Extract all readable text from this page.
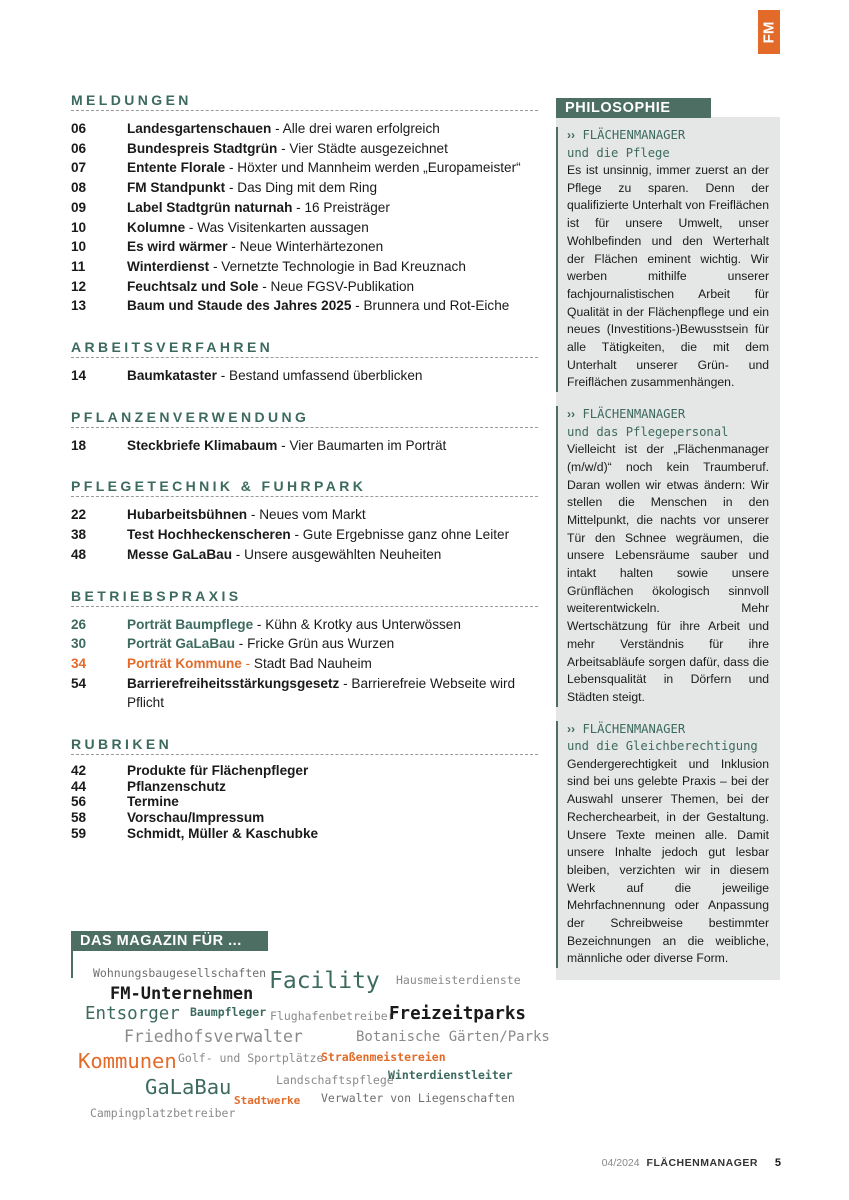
FM
MELDUNGEN
06	Landesgartenschauen - Alle drei waren erfolgreich
06	Bundespreis Stadtgrün - Vier Städte ausgezeichnet
07	Entente Florale - Höxter und Mannheim werden „Europameister“
08	FM Standpunkt - Das Ding mit dem Ring
09	Label Stadtgrün naturnah - 16 Preisträger
10	Kolumne - Was Visitenkarten aussagen
10	Es wird wärmer - Neue Winterhärtezonen
11	Winterdienst - Vernetzte Technologie in Bad Kreuznach
12	Feuchtsalz und Sole - Neue FGSV-Publikation
13	Baum und Staude des Jahres 2025 - Brunnera und Rot-Eiche
ARBEITSVERFAHREN
14	Baumkataster - Bestand umfassend überblicken
PFLANZENVERWENDUNG
18	Steckbriefe Klimabaum - Vier Baumarten im Porträt
PFLEGETECHNIK & FUHRPARK
22	Hubarbeitsbühnen - Neues vom Markt
38	Test Hochheckenscheren - Gute Ergebnisse ganz ohne Leiter
48	Messe GaLaBau - Unsere ausgewählten Neuheiten
BETRIEBSPRAXIS
26	Porträt Baumpflege - Kühn & Krotky aus Unterwössen
30	Porträt GaLaBau - Fricke Grün aus Wurzen
34	Porträt Kommune - Stadt Bad Nauheim
54	Barrierefreiheitsstärkungsgesetz - Barrierefreie Webseite wird Pflicht
RUBRIKEN
42	Produkte für Flächenpfleger
44	Pflanzenschutz
56	Termine
58	Vorschau/Impressum
59	Schmidt, Müller & Kaschubke
PHILOSOPHIE
›› FLÄCHENMANAGER
und die Pflege
Es ist unsinnig, immer zuerst an der Pflege zu sparen. Denn der qualifizierte Unterhalt von Freiflächen ist für unsere Umwelt, unser Wohlbefinden und den Werterhalt der Flächen eminent wichtig. Wir werben mithilfe unserer fachjournalistischen Arbeit für Qualität in der Flächenpflege und ein neues (Investitions-)Bewusstsein für alle Tätigkeiten, die mit dem Unterhalt unserer Grün- und Freiflächen zusammenhängen.
›› FLÄCHENMANAGER
und das Pflegepersonal
Vielleicht ist der „Flächenmanager (m/w/d)“ noch kein Traumberuf. Daran wollen wir etwas ändern: Wir stellen die Menschen in den Mittelpunkt, die nachts vor unserer Tür den Schnee wegräumen, die unsere Lebensräume sauber und intakt halten sowie unsere Grünflächen ökologisch sinnvoll weiterentwickeln. Mehr Wertschätzung für ihre Arbeit und mehr Verständnis für ihre Arbeitsabläufe sorgen dafür, dass die Lebensqualität in Dörfern und Städten steigt.
›› FLÄCHENMANAGER
und die Gleichberechtigung
Gendergerechtigkeit und Inklusion sind bei uns gelebte Praxis – bei der Auswahl unserer Themen, bei der Recherchearbeit, in der Gestaltung. Unsere Texte meinen alle. Damit unsere Inhalte jedoch gut lesbar bleiben, verzichten wir in diesem Werk auf die jeweilige Mehrfachnennung oder Anpassung der Schreibweise bestimmter Bezeichnungen an die weibliche, männliche oder diverse Form.
DAS MAGAZIN FÜR ...
Wohnungsbaugesellschaften Facility Hausmeisterdienste
FM-Unternehmen
Entsorger Baumpfleger Flughafenbetreiber
Freizeitparks
Friedhofsverwalter	Botanische Gärten/Parks
Kommunen Golf- und Sportplätze
Straßenmeistereien
GaLaBau	Landschaftspflege
Winterdienstleiter
Stadtwerke Verwalter von Liegenschaften
Campingplatzbetreiber
04/2024 FLÄCHENMANAGER 5
